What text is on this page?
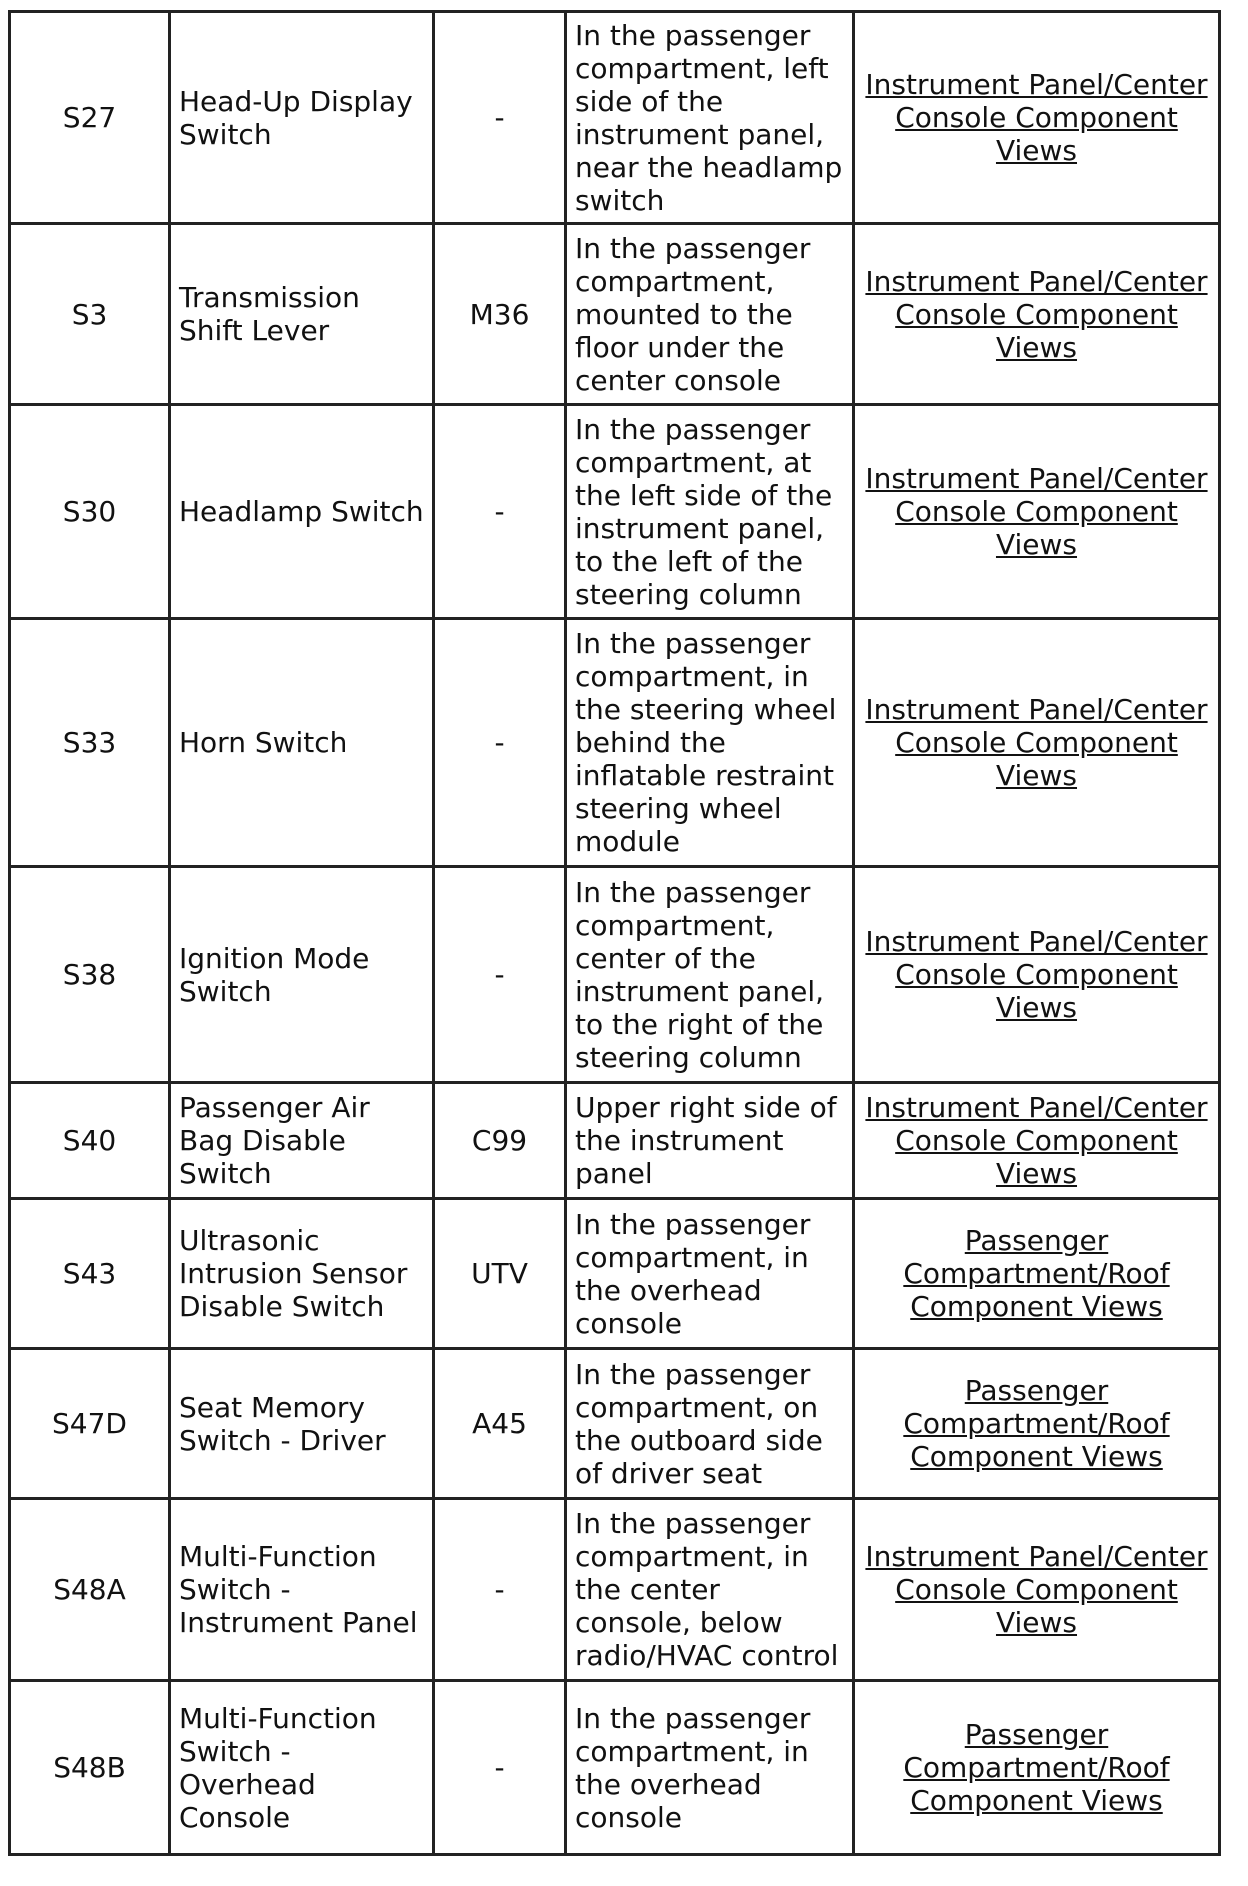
S27	Head-Up Display Switch	-	In the passenger compartment, left side of the instrument panel, near the headlamp switch	Instrument Panel/Center Console Component Views
S3	Transmission Shift Lever	M36	In the passenger compartment, mounted to the floor under the center console	Instrument Panel/Center Console Component Views
S30	Headlamp Switch	-	In the passenger compartment, at the left side of the instrument panel, to the left of the steering column	Instrument Panel/Center Console Component Views
S33	Horn Switch	-	In the passenger compartment, in the steering wheel behind the inflatable restraint steering wheel module	Instrument Panel/Center Console Component Views
S38	Ignition Mode Switch	-	In the passenger compartment, center of the instrument panel, to the right of the steering column	Instrument Panel/Center Console Component Views
S40	Passenger Air Bag Disable Switch	C99	Upper right side of the instrument panel	Instrument Panel/Center Console Component Views
S43	Ultrasonic Intrusion Sensor Disable Switch	UTV	In the passenger compartment, in the overhead console	Passenger Compartment/Roof Component Views
S47D	Seat Memory Switch - Driver	A45	In the passenger compartment, on the outboard side of driver seat	Passenger Compartment/Roof Component Views
S48A	Multi-Function Switch - Instrument Panel	-	In the passenger compartment, in the center console, below radio/HVAC control	Instrument Panel/Center Console Component Views
S48B	Multi-Function Switch - Overhead Console	-	In the passenger compartment, in the overhead console	Passenger Compartment/Roof Component Views
